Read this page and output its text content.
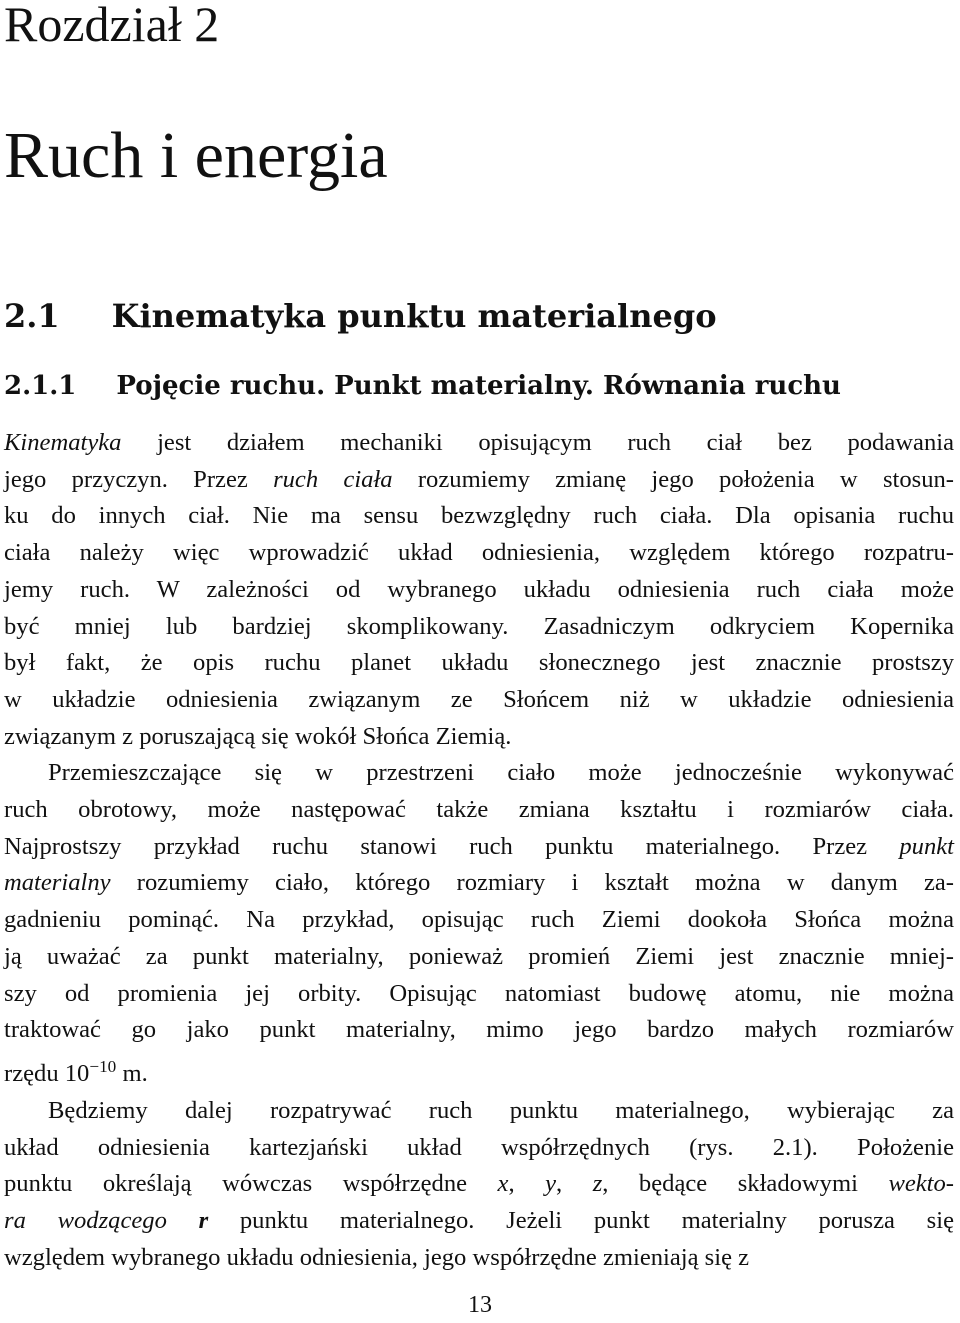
Rozdział 2
Ruch i energia
2.1 Kinematyka punktu materialnego
2.1.1 Pojęcie ruchu. Punkt materialny. Równania ruchu

Kinematyka jest działem mechaniki opisującym ruch ciał bez podawania
jego przyczyn. Przez ruch ciała rozumiemy zmianę jego położenia w stosun-
ku do innych ciał. Nie ma sensu bezwzględny ruch ciała. Dla opisania ruchu
ciała należy więc wprowadzić układ odniesienia, względem którego rozpatru-
jemy ruch. W zależności od wybranego układu odniesienia ruch ciała może
być mniej lub bardziej skomplikowany. Zasadniczym odkryciem Kopernika
był fakt, że opis ruchu planet układu słonecznego jest znacznie prostszy
w układzie odniesienia związanym ze Słońcem niż w układzie odniesienia
związanym z poruszającą się wokół Słońca Ziemią.

Przemieszczające się w przestrzeni ciało może jednocześnie wykonywać
ruch obrotowy, może następować także zmiana kształtu i rozmiarów ciała.
Najprostszy przykład ruchu stanowi ruch punktu materialnego. Przez punkt
materialny rozumiemy ciało, którego rozmiary i kształt można w danym za-
gadnieniu pominąć. Na przykład, opisując ruch Ziemi dookoła Słońca można
ją uważać za punkt materialny, ponieważ promień Ziemi jest znacznie mniej-
szy od promienia jej orbity. Opisując natomiast budowę atomu, nie można
traktować go jako punkt materialny, mimo jego bardzo małych rozmiarów
rzędu $10^{-10}$ m.

Będziemy dalej rozpatrywać ruch punktu materialnego, wybierając za
układ odniesienia kartezjański układ współrzędnych (rys. 2.1). Położenie
punktu określają wówczas współrzędne x, y, z, będące składowymi wekto-
ra wodzącego r punktu materialnego. Jeżeli punkt materialny porusza się
względem wybranego układu odniesienia, jego współrzędne zmieniają się z

13
